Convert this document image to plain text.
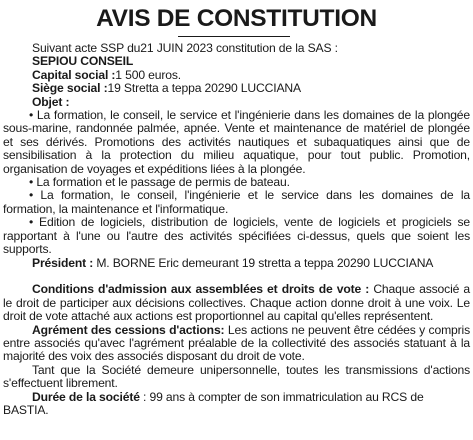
AVIS DE CONSTITUTION

Suivant acte SSP du21 JUIN 2023 constitution de la SAS :

SEPIOU CONSEIL

Capital social :1 500 euros.

Siège social :19 Stretta a teppa 20290 LUCCIANA

Objet :

• La formation, le conseil, le service et l'ingénierie dans les domaines de la plongée sous-marine, randonnée palmée, apnée. Vente et maintenance de matériel de plongée et ses dérivés. Promotions des activités nautiques et subaquatiques ainsi que de sensibilisation à la protection du milieu aquatique, pour tout public. Promotion, organisation de voyages et expéditions liées à la plongée.

• La formation et le passage de permis de bateau.

• La formation, le conseil, l'ingénierie et le service dans les domaines de la formation, la maintenance et l'informatique.

• Edition de logiciels, distribution de logiciels, vente de logiciels et progiciels se rapportant à l'une ou l'autre des activités spécifiées ci-dessus, quels que soient les supports.

Président : M. BORNE Eric demeurant 19 stretta a teppa 20290 LUCCIANA

Conditions d'admission aux assemblées et droits de vote : Chaque associé a le droit de participer aux décisions collectives. Chaque action donne droit à une voix. Le droit de vote attaché aux actions est proportionnel au capital qu'elles représentent.

Agrément des cessions d'actions: Les actions ne peuvent être cédées y compris entre associés qu'avec l'agrément préalable de la collectivité des associés statuant à la majorité des voix des associés disposant du droit de vote.

Tant que la Société demeure unipersonnelle, toutes les transmissions d'actions s'effectuent librement.

Durée de la société : 99 ans à compter de son immatriculation au RCS de BASTIA.
